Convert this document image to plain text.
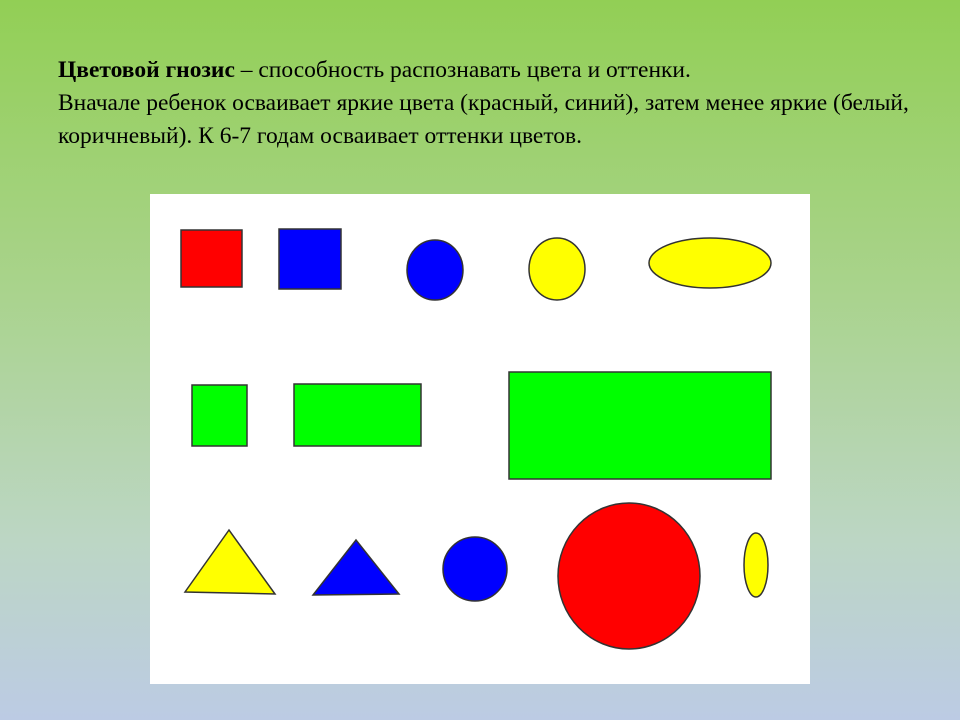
Цветовой гнозис – способность распознавать цвета и оттенки.

Вначале ребенок осваивает яркие цвета (красный, синий), затем менее яркие (белый, коричневый). К 6-7 годам осваивает оттенки цветов.
